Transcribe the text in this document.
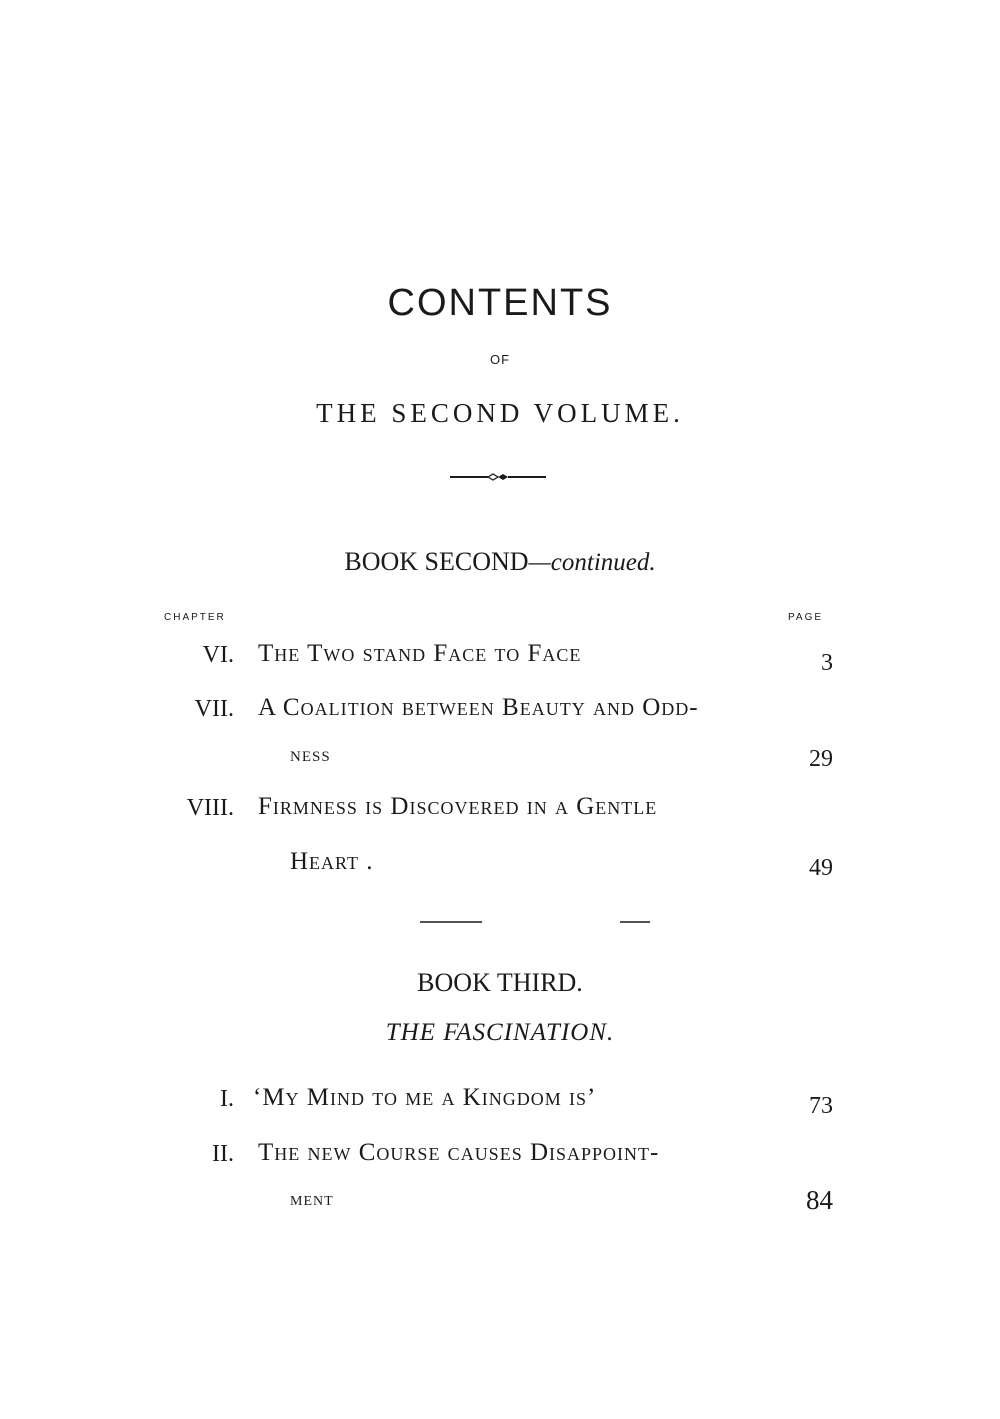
CONTENTS
OF
THE SECOND VOLUME.
BOOK SECOND—continued.
CHAPTER	PAGE
VI. The Two stand Face to Face	3
VII. A Coalition between Beauty and Odd-
ness	29
VIII. Firmness is Discovered in a Gentle
Heart .	49
BOOK THIRD.
THE FASCINATION.
I. ‘My Mind to me a Kingdom is’	73
II. The new Course causes Disappoint-
ment	84
